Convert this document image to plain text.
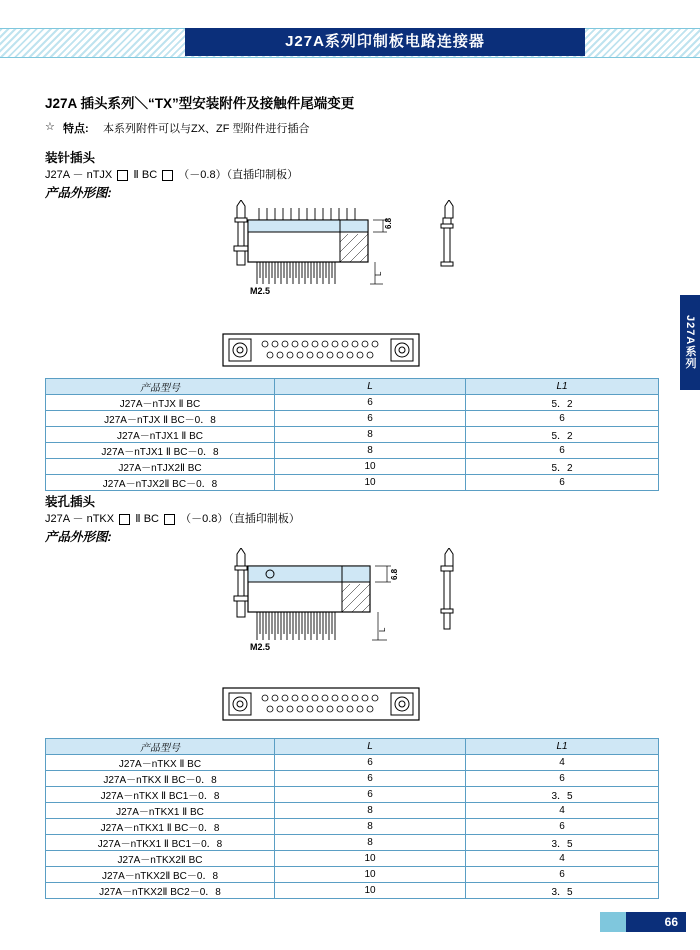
J27A系列印制板电路连接器
J27A系列
J27A 插头系列＼“TX”型安装附件及接触件尾端变更
☆ 特点: 本系列附件可以与ZX、ZF 型附件进行插合
装针插头
J27A － nTJX Ⅱ BC （－0.8）（直插印制板）
产品外形图:
6.8
L
M2.5
产品型号	L	L1
J27A－nTJX Ⅱ BC	6	5．2
J27A－nTJX Ⅱ BC－0．8	6	6
J27A－nTJX1 Ⅱ BC	8	5．2
J27A－nTJX1 Ⅱ BC－0．8	8	6
J27A－nTJX2Ⅱ BC	10	5．2
J27A－nTJX2Ⅱ BC－0．8	10	6
装孔插头
J27A － nTKX Ⅱ BC （－0.8）（直插印制板）
产品外形图:
6.8
L
M2.5
产品型号	L	L1
J27A－nTKX Ⅱ BC	6	4
J27A－nTKX Ⅱ BC－0．8	6	6
J27A－nTKX Ⅱ BC1－0．8	6	3．5
J27A－nTKX1 Ⅱ BC	8	4
J27A－nTKX1 Ⅱ BC－0．8	8	6
J27A－nTKX1 Ⅱ BC1－0．8	8	3．5
J27A－nTKX2Ⅱ BC	10	4
J27A－nTKX2Ⅱ BC－0．8	10	6
J27A－nTKX2Ⅱ BC2－0．8	10	3．5
66
